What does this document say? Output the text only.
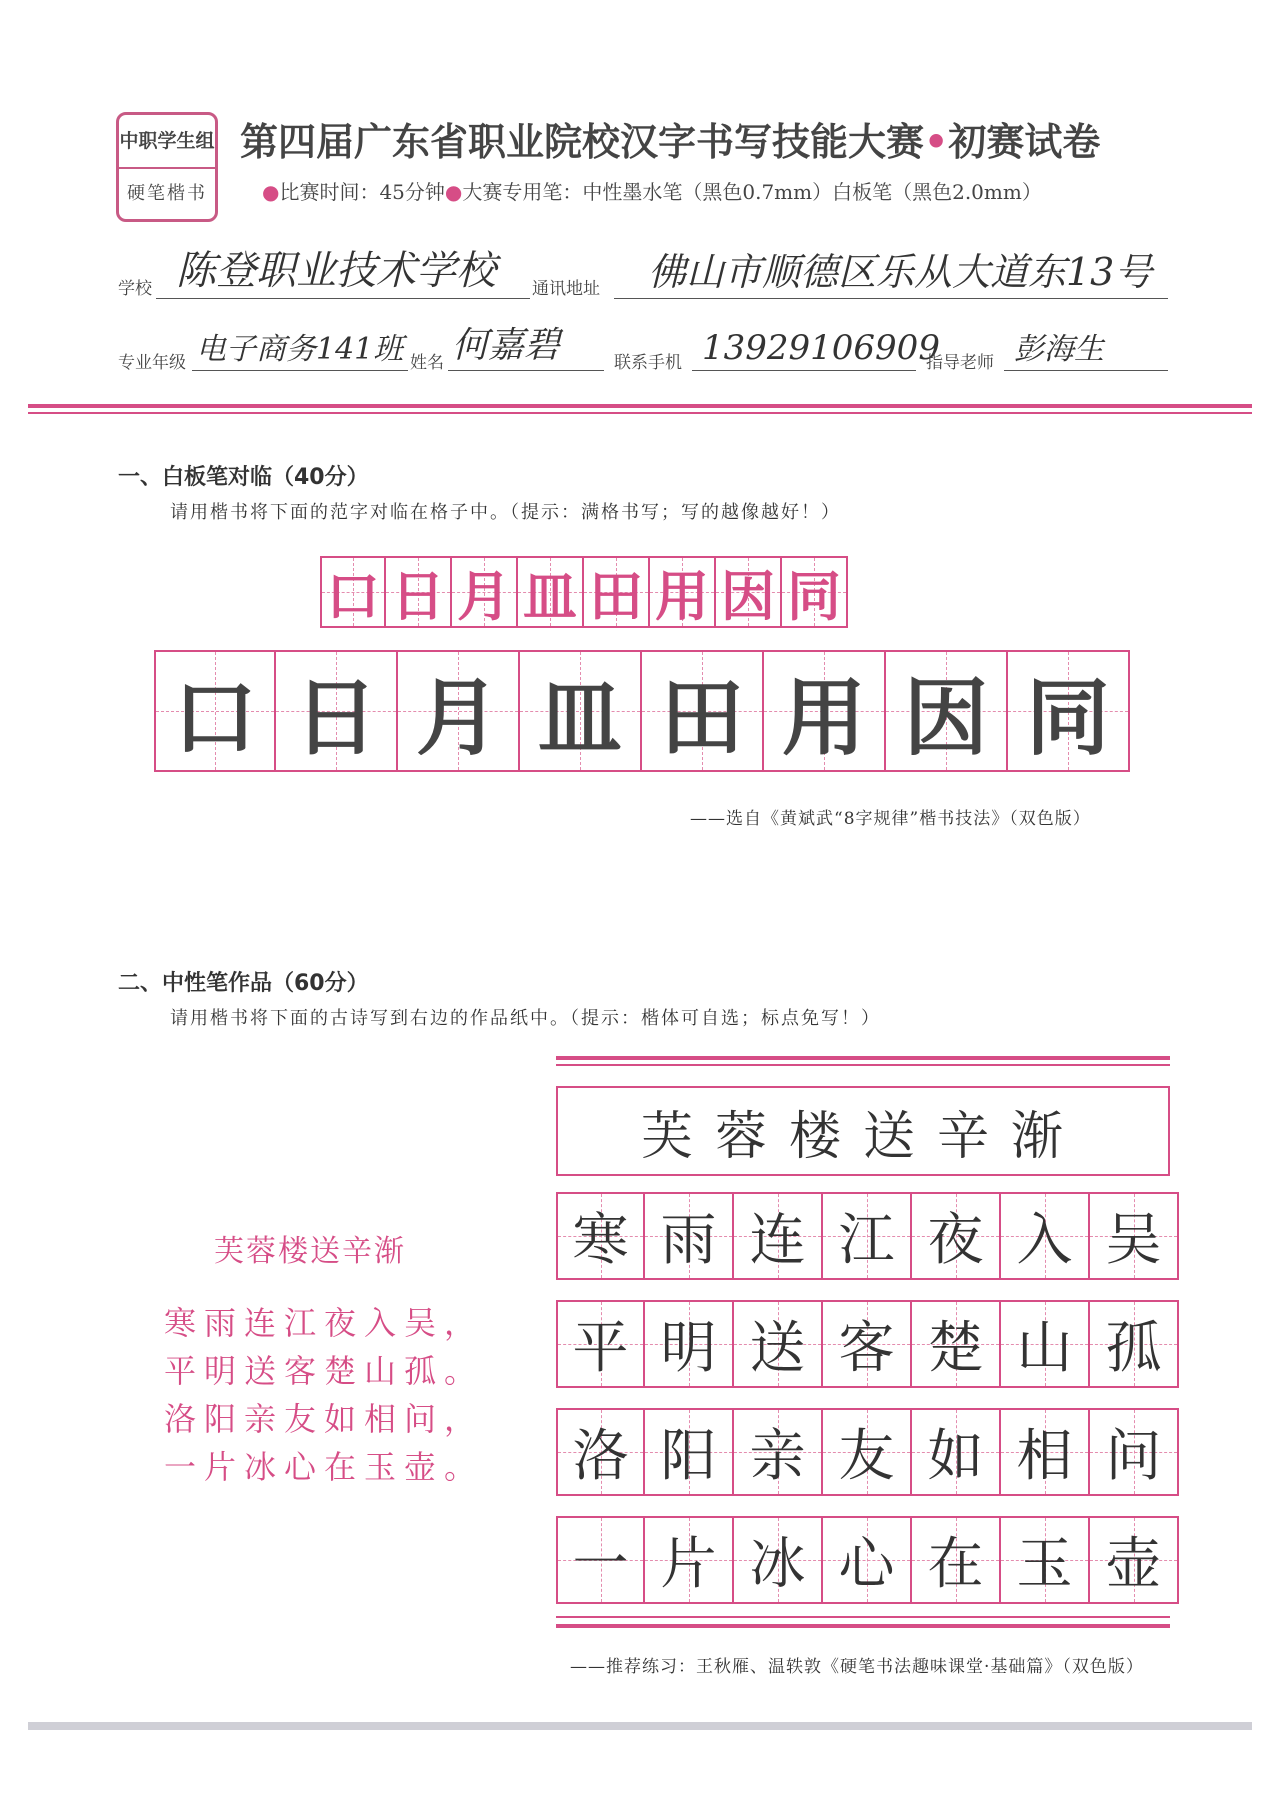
中职学生组
硬笔楷书
第四届广东省职业院校汉字书写技能大赛•初赛试卷
●比赛时间：45分钟●大赛专用笔：中性墨水笔（黑色0.7mm）白板笔（黑色2.0mm）
学校 陈登职业技术学校 通讯地址 佛山市顺德区乐从大道东13号
专业年级 电子商务141班 姓名 何嘉碧	联系手机 13929106909
指导老师 彭海生
一、白板笔对临（40分）
请用楷书将下面的范字对临在格子中。（提示：满格书写；写的越像越好！）
口 日 月 皿 田 用 因 同
口 日 月 皿 田 用 因 同
——选自《黄斌武“8字规律”楷书技法》（双色版）
二、中性笔作品（60分）
请用楷书将下面的古诗写到右边的作品纸中。（提示：楷体可自选；标点免写！）
芙蓉楼送辛渐
寒雨连江夜入吴，
平明送客楚山孤。
洛阳亲友如相问，
一片冰心在玉壶。
芙蓉楼送辛渐
寒 雨 连 江 夜 入 吴
平 明 送 客 楚 山 孤
洛 阳 亲 友 如 相 问
一 片 冰 心 在 玉 壶
——推荐练习：王秋雁、温轶敦《硬笔书法趣味课堂·基础篇》（双色版）
